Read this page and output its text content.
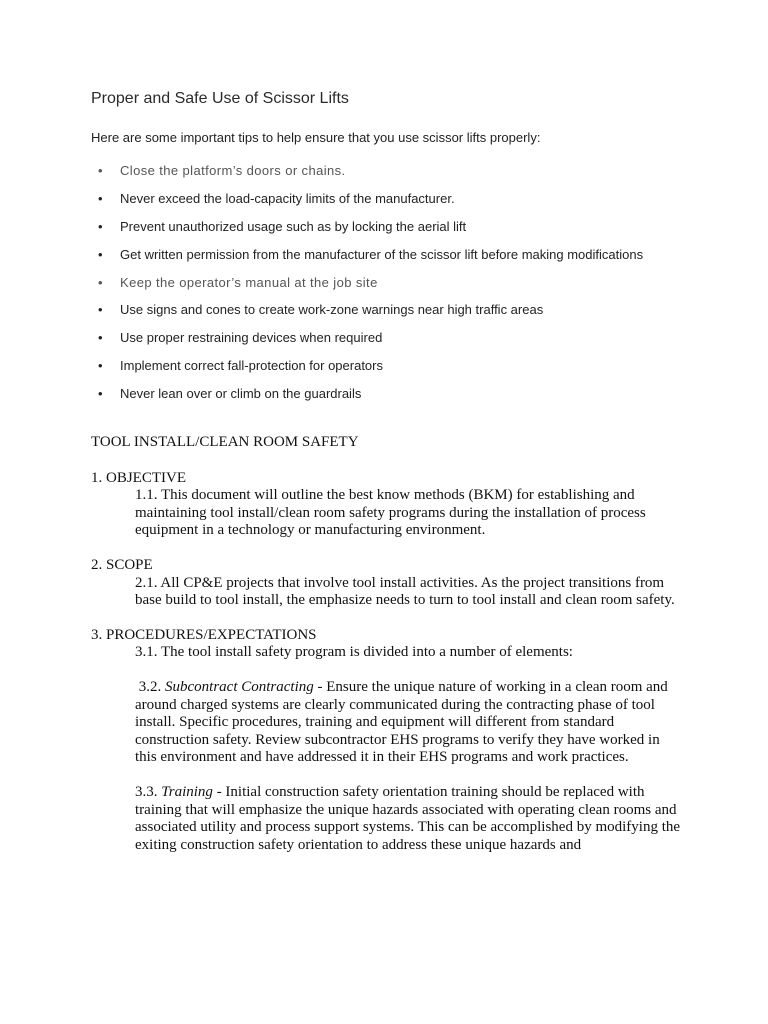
Proper and Safe Use of Scissor Lifts
Here are some important tips to help ensure that you use scissor lifts properly:
• Close the platform’s doors or chains.
• Never exceed the load-capacity limits of the manufacturer.
• Prevent unauthorized usage such as by locking the aerial lift
• Get written permission from the manufacturer of the scissor lift before making modifications
• Keep the operator’s manual at the job site
• Use signs and cones to create work-zone warnings near high traffic areas
• Use proper restraining devices when required
• Implement correct fall-protection for operators
• Never lean over or climb on the guardrails
TOOL INSTALL/CLEAN ROOM SAFETY

1. OBJECTIVE

1.1. This document will outline the best know methods (BKM) for establishing and maintaining tool install/clean room safety programs during the installation of process equipment in a technology or manufacturing environment.

2. SCOPE

2.1. All CP&E projects that involve tool install activities. As the project transitions from base build to tool install, the emphasize needs to turn to tool install and clean room safety.

3. PROCEDURES/EXPECTATIONS

3.1. The tool install safety program is divided into a number of elements:

3.2. Subcontract Contracting - Ensure the unique nature of working in a clean room and around charged systems are clearly communicated during the contracting phase of tool install. Specific procedures, training and equipment will different from standard construction safety. Review subcontractor EHS programs to verify they have worked in this environment and have addressed it in their EHS programs and work practices.

3.3. Training - Initial construction safety orientation training should be replaced with training that will emphasize the unique hazards associated with operating clean rooms and associated utility and process support systems. This can be accomplished by modifying the exiting construction safety orientation to address these unique hazards and
